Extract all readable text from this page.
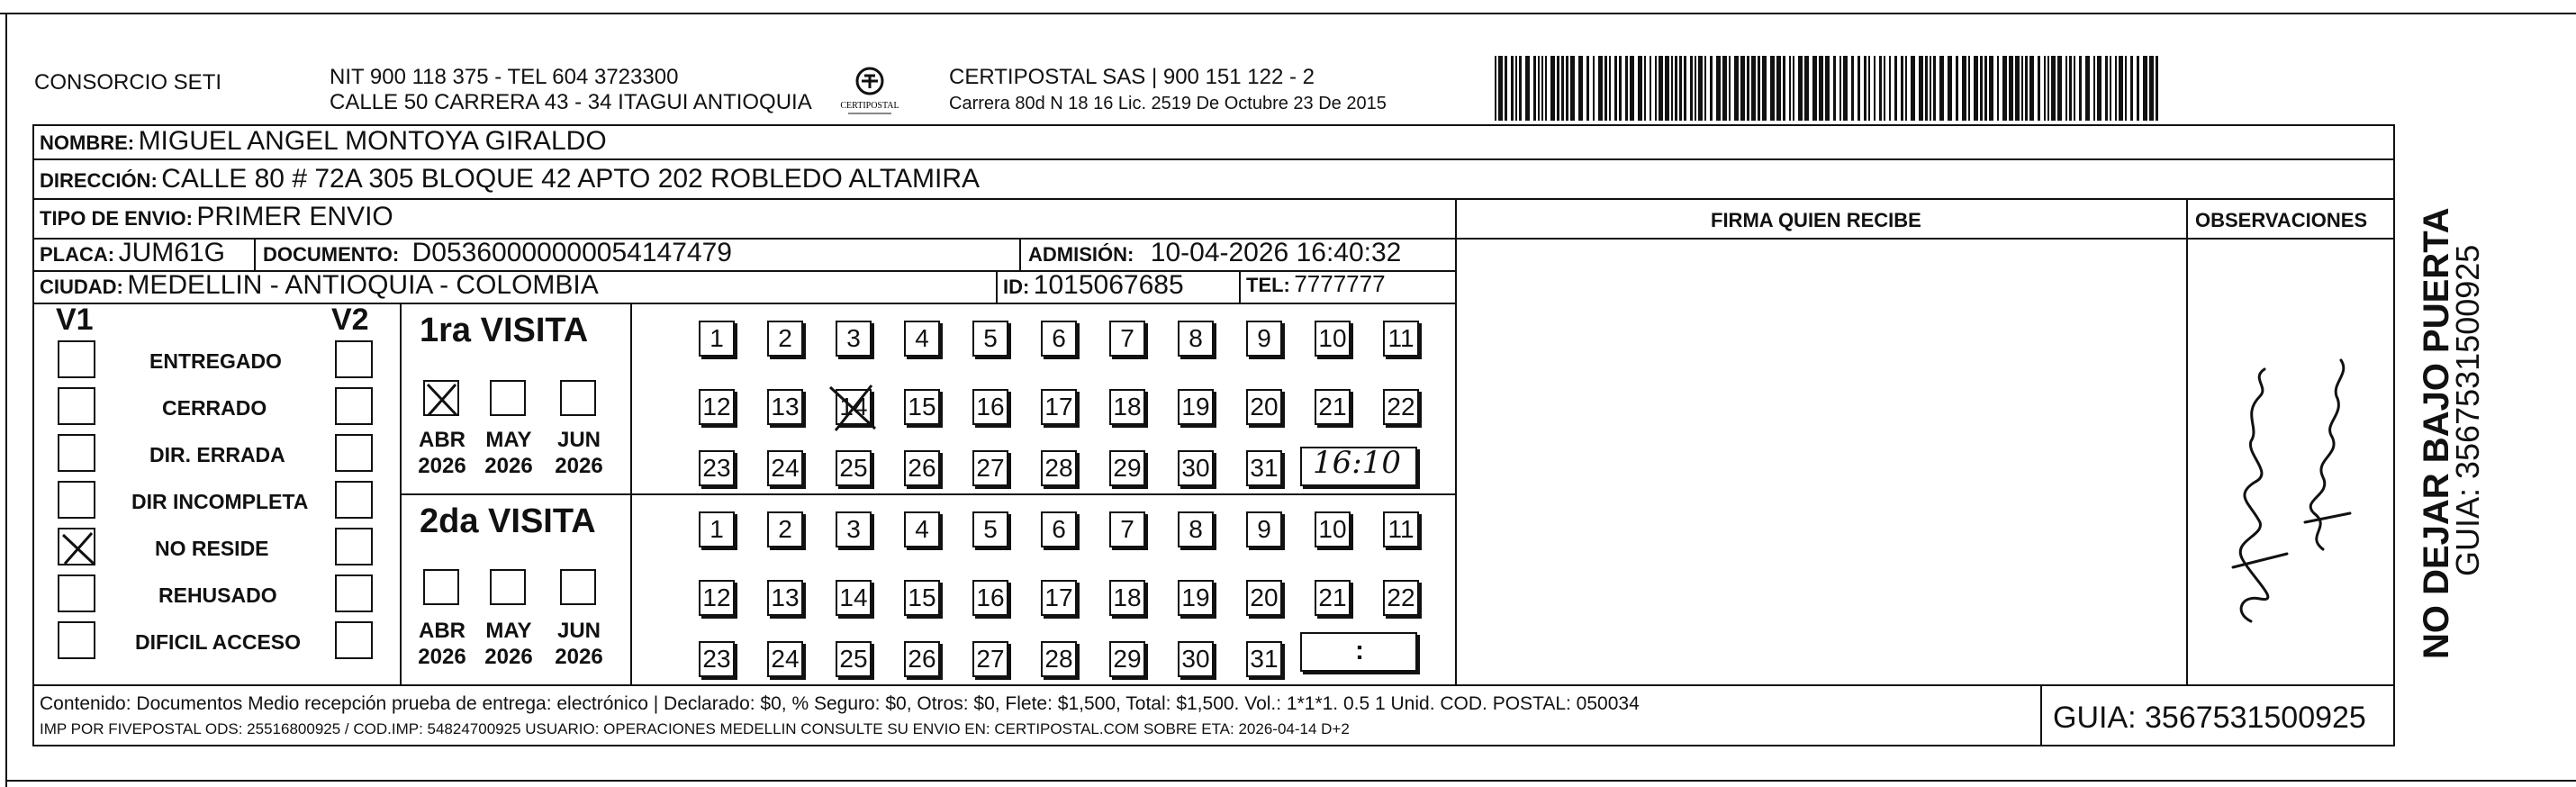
CONSORCIO SETI	NIT 900 118 375 - TEL 604 3723300
CALLE 50 CARRERA 43 - 34 ITAGUI ANTIOQUIA	CERTIPOSTAL
CERTIPOSTAL SAS | 900 151 122 - 2
Carrera 80d N 18 16 Lic. 2519 De Octubre 23 De 2015
NOMBRE: MIGUEL ANGEL MONTOYA GIRALDO
DIRECCIÓN: CALLE 80 # 72A 305 BLOQUE 42 APTO 202 ROBLEDO ALTAMIRA
TIPO DE ENVIO: PRIMER ENVIO
PLACA: JUM61G DOCUMENTO: D05360000000054147479	ADMISIÓN: 10-04-2026 16:40:32
CIUDAD: MEDELLIN - ANTIOQUIA - COLOMBIA	ID: 1015067685	TEL: 7777777
FIRMA QUIEN RECIBE	OBSERVACIONES
V1	V2
ENTREGADO
CERRADO
DIR. ERRADA
DIR INCOMPLETA
NO RESIDE
REHUSADO
DIFICIL ACCESO
1ra VISITA
ABR
2026
MAY
2026
JUN
2026
1	2	3	4	5	6	7	8	9	10 11
12 13 14 15 16 17 18 19 20 21 22
23 24 25 26 27 28 29 30 31 16:10
2da VISITA
ABR
2026
MAY
2026
JUN
2026
1	2	3	4	5	6	7	8	9	10 11
12 13 14 15 16 17 18 19 20 21 22
23 24 25 26 27 28 29 30 31	:
Contenido: Documentos Medio recepción prueba de entrega: electrónico | Declarado: $0, % Seguro: $0, Otros: $0, Flete: $1,500, Total: $1,500. Vol.: 1*1*1. 0.5 1 Unid. COD. POSTAL: 050034
IMP POR FIVEPOSTAL ODS: 25516800925 / COD.IMP: 54824700925 USUARIO: OPERACIONES MEDELLIN CONSULTE SU ENVIO EN: CERTIPOSTAL.COM SOBRE ETA: 2026-04-14 D+2	GUIA: 3567531500925
NO DEJAR BAJO PUERTA
GUIA: 3567531500925
